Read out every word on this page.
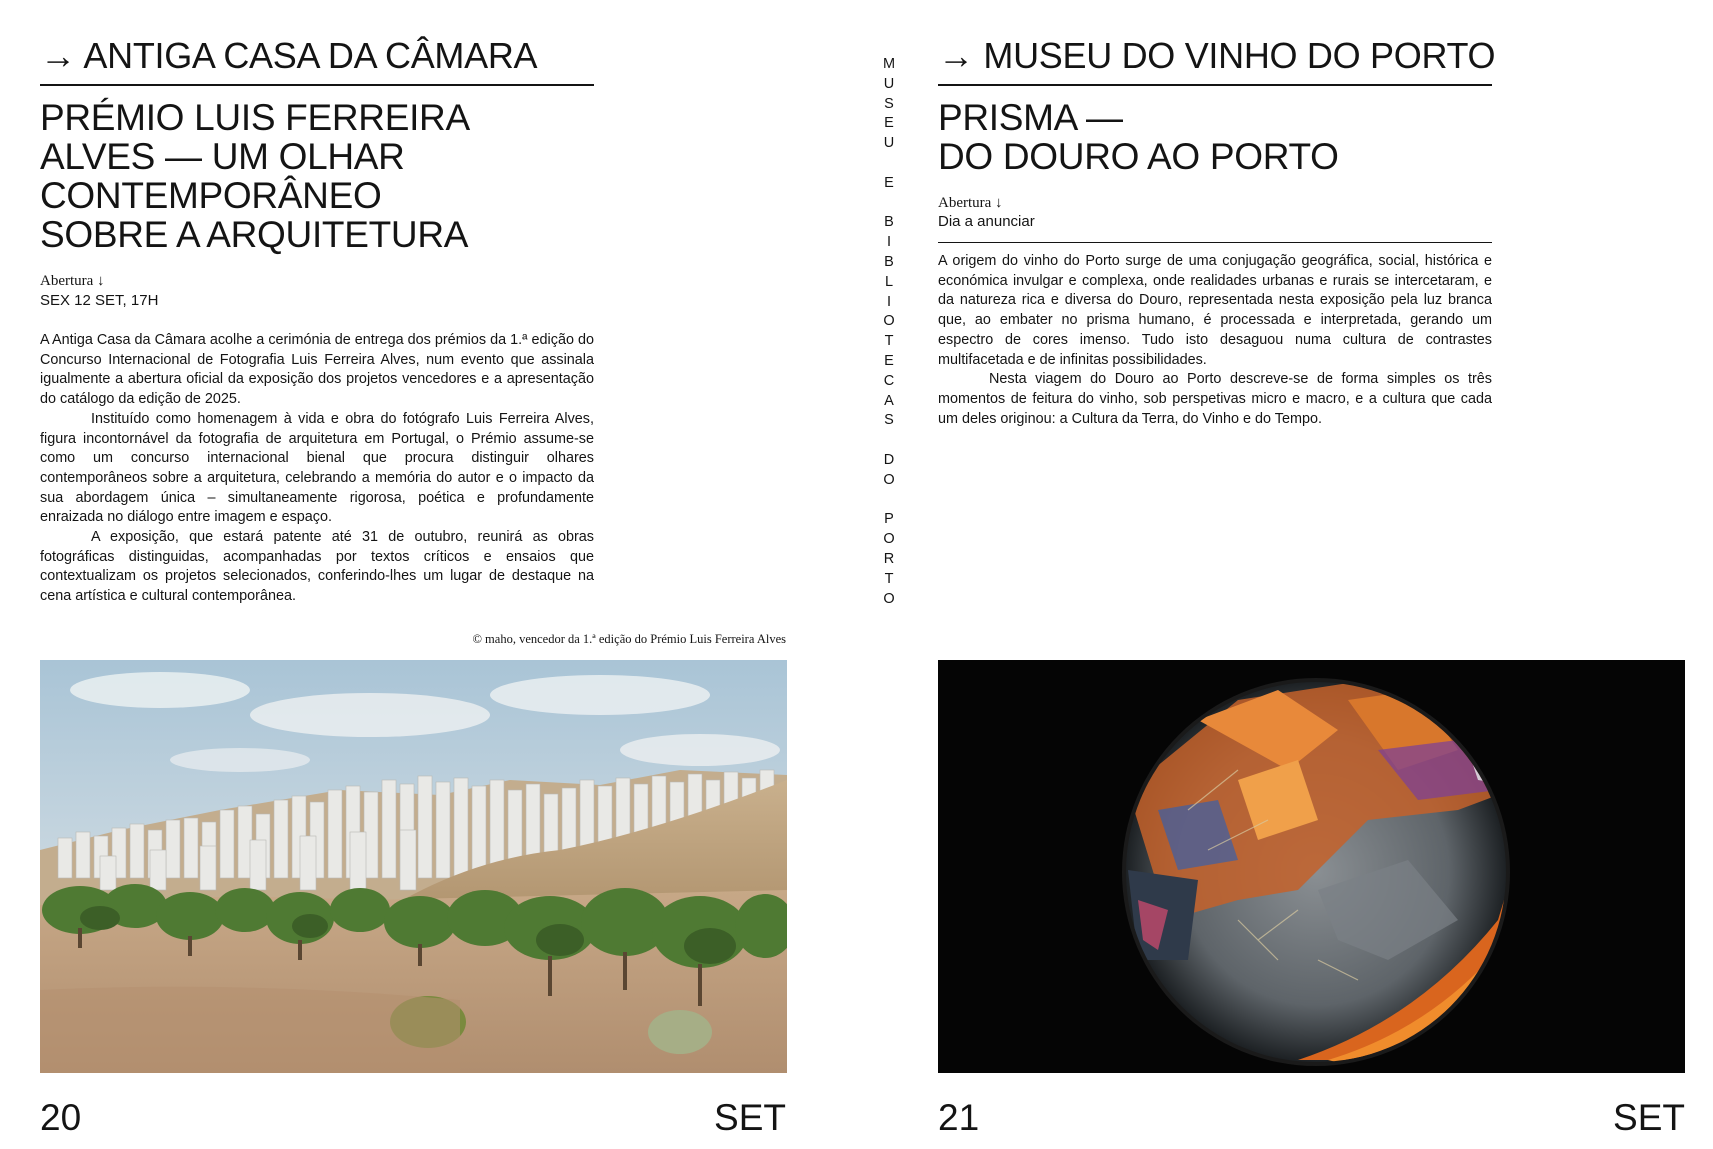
→ ANTIGA CASA DA CÂMARA
PRÉMIO LUIS FERREIRA
ALVES — UM OLHAR
CONTEMPORÂNEO
SOBRE A ARQUITETURA
Abertura ↓
SEX 12 SET, 17H

A Antiga Casa da Câmara acolhe a cerimónia de entrega dos prémios da 1.ª edição do Concurso Internacional de Fotografia Luis Ferreira Alves, num evento que assinala igualmente a abertura oficial da exposição dos projetos vencedores e a apresentação do catálogo da edição de 2025.

Instituído como homenagem à vida e obra do fotógrafo Luis Ferreira Alves, figura incontornável da fotografia de arquitetura em Portugal, o Prémio assume-se como um concurso internacional bienal que procura distinguir olhares contemporâneos sobre a arquitetura, celebrando a memória do autor e o impacto da sua abordagem única – simultaneamente rigorosa, poética e profundamente enraizada no diálogo entre imagem e espaço.

A exposição, que estará patente até 31 de outubro, reunirá as obras fotográficas distinguidas, acompanhadas por textos críticos e ensaios que contextualizam os projetos selecionados, conferindo-lhes um lugar de destaque na cena artística e cultural contemporânea.

© maho, vencedor da 1.ª edição do Prémio Luis Ferreira Alves
20	SET
M
U
S
E
U

E

B
I
B
L
I
O
T
E
C
A
S

D
O

P
O
R
T
O
→ MUSEU DO VINHO DO PORTO
PRISMA —
DO DOURO AO PORTO
Abertura ↓
Dia a anunciar

A origem do vinho do Porto surge de uma conjugação geográfica, social, histórica e económica invulgar e complexa, onde realidades urbanas e rurais se intercetaram, e da natureza rica e diversa do Douro, representada nesta exposição pela luz branca que, ao embater no prisma humano, é processada e interpretada, gerando um espectro de cores imenso. Tudo isto desaguou numa cultura de contrastes multifacetada e de infinitas possibilidades.

Nesta viagem do Douro ao Porto descreve-se de forma simples os três momentos de feitura do vinho, sob perspetivas micro e macro, e a cultura que cada um deles originou: a Cultura da Terra, do Vinho e do Tempo.

21	SET
